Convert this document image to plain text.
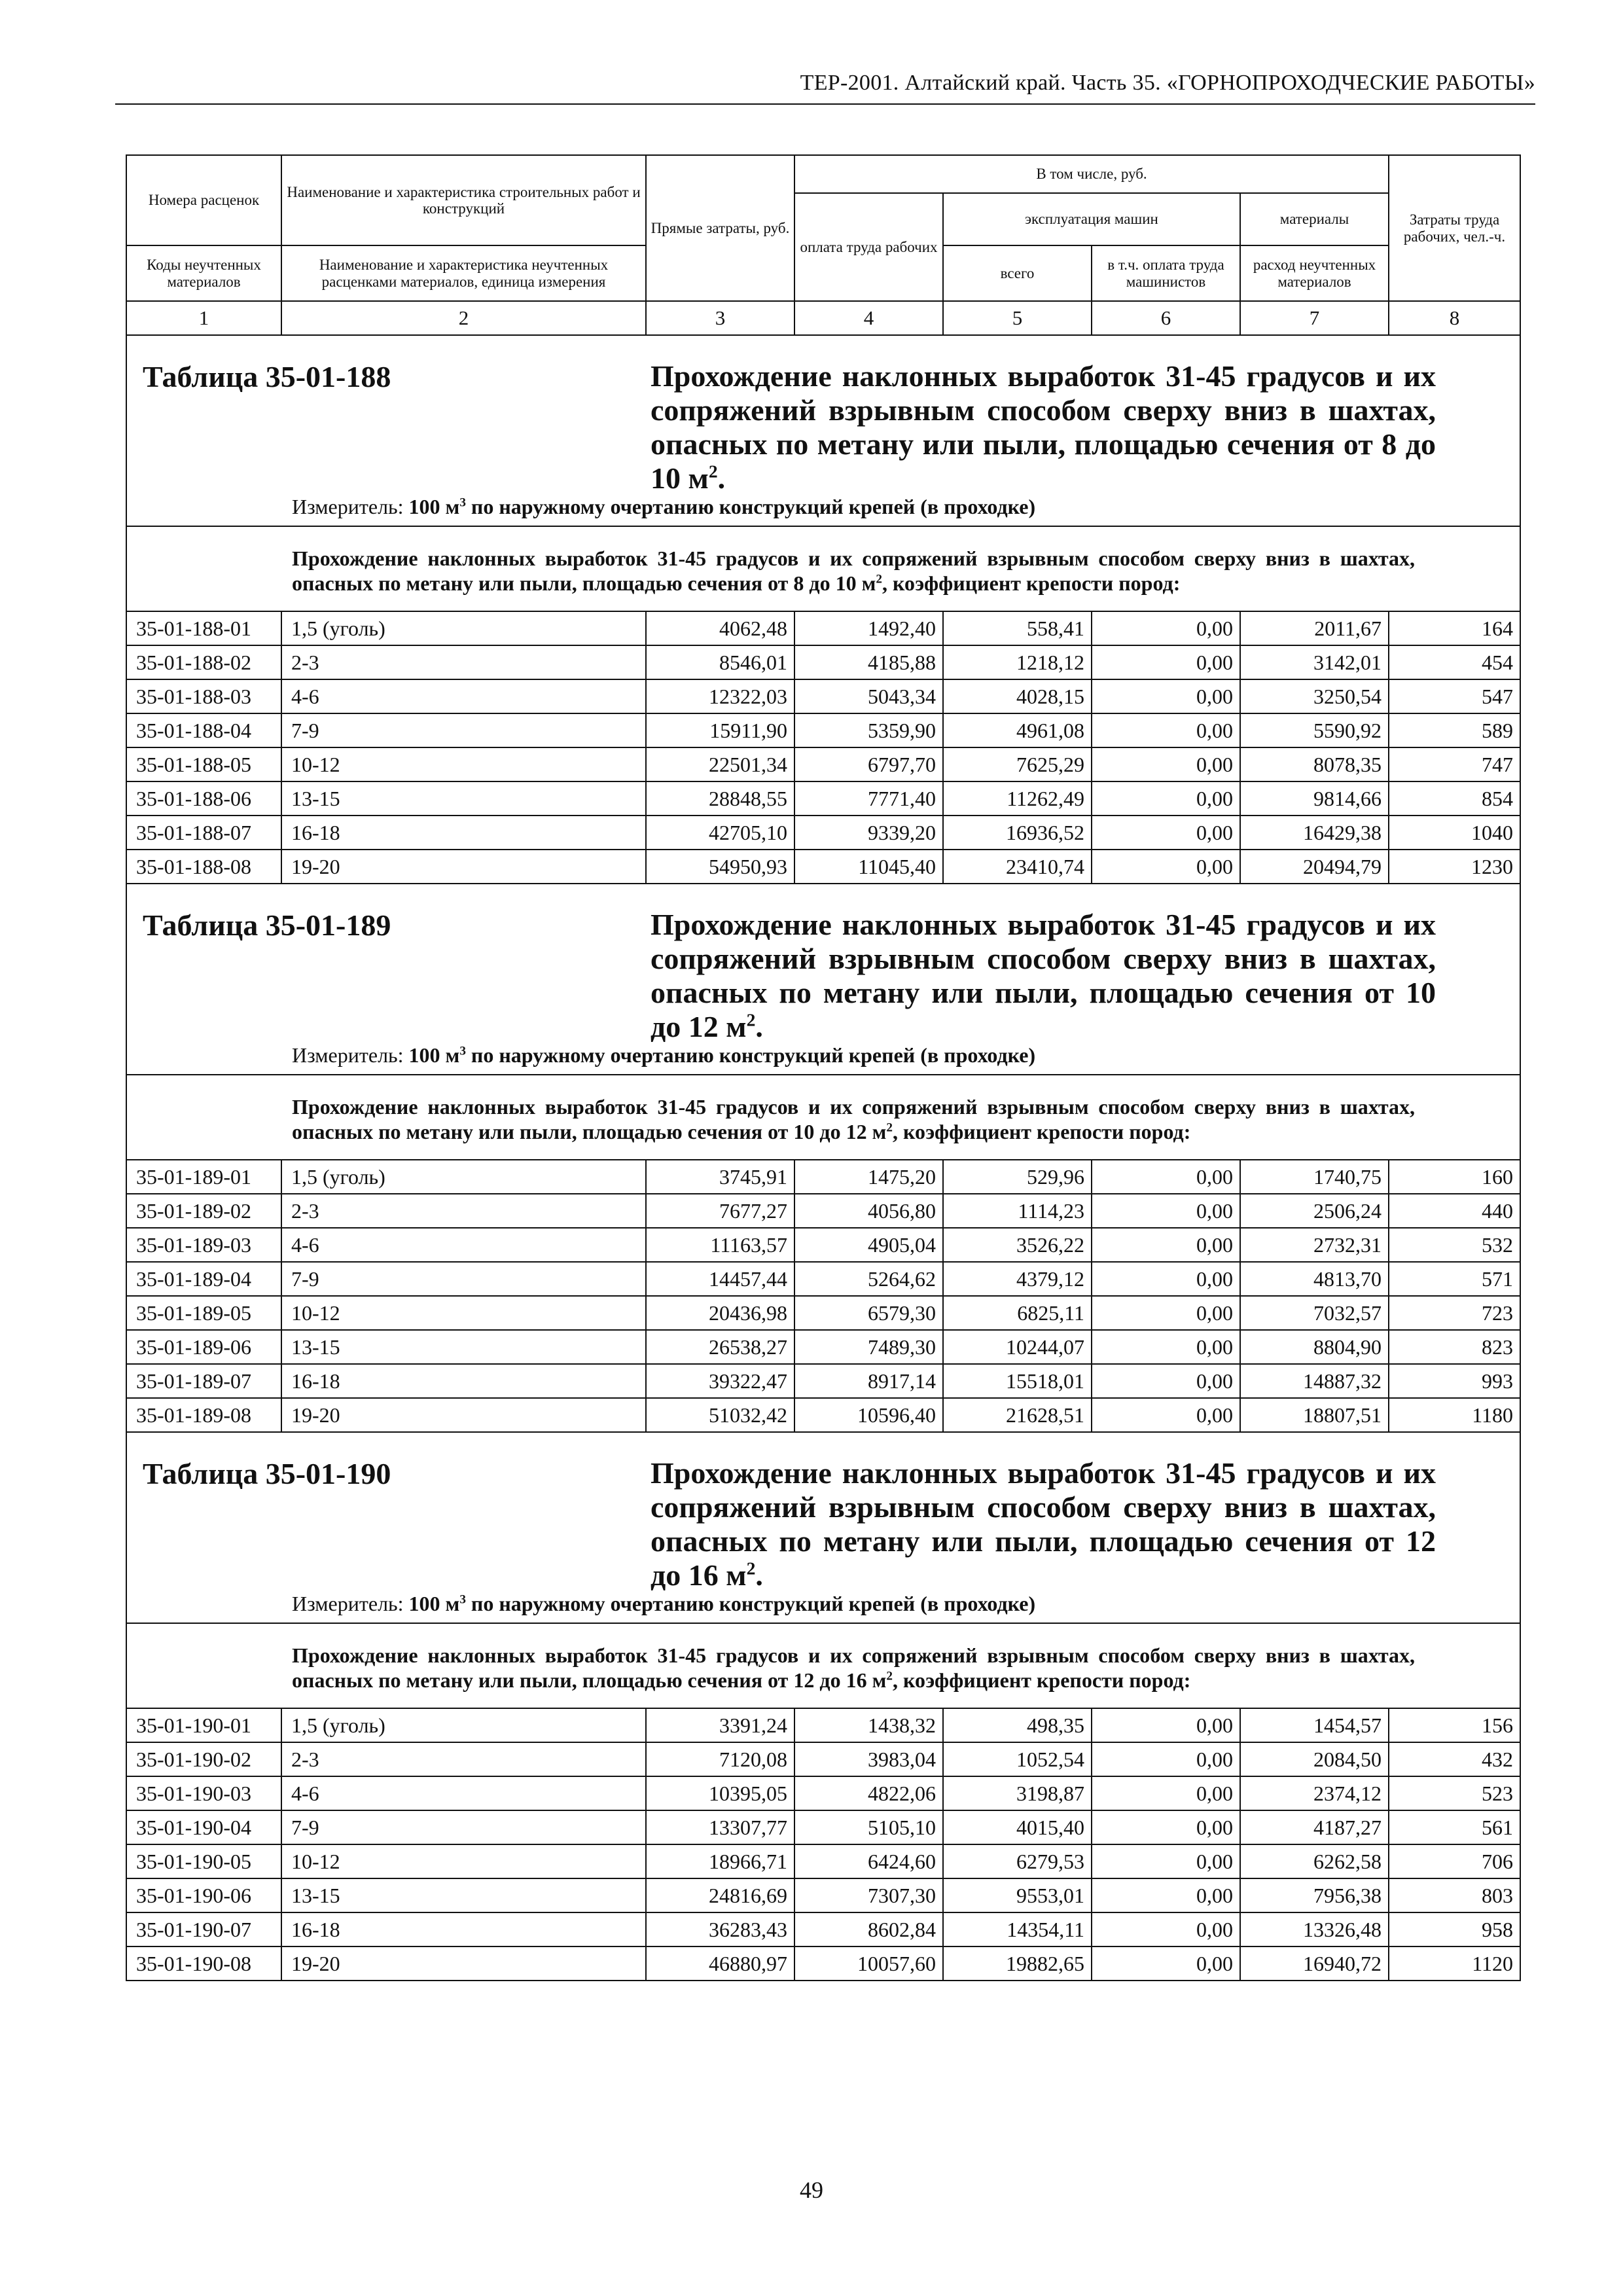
ТЕР-2001. Алтайский край. Часть 35. «ГОРНОПРОХОДЧЕСКИЕ РАБОТЫ»
Номера расценок	Наименование и характеристика строительных работ и конструкций	Прямые затраты, руб.	В том числе, руб.				Затраты труда рабочих, чел.-ч.
			оплата труда рабочих	эксплуатация машин		материалы	
Коды неучтенных материалов	Наименование и характеристика неучтенных расценками материалов, единица измерения			всего	в т.ч. оплата труда машинистов	расход неучтенных материалов	
1	2	3	4	5	6	7	8

Таблица 35-01-188 Прохождение наклонных выработок 31-45 градусов и их сопряжений взрывным способом сверху вниз в шахтах, опасных по метану или пыли, площадью сечения от 8 до 10 $м^2$.
Измеритель: 100 $м^3$ по наружному очертанию конструкций крепей (в проходке)							

Прохождение наклонных выработок 31-45 градусов и их сопряжений взрывным способом сверху вниз в шахтах, опасных по метану или пыли, площадью сечения от 8 до 10 $м^2$, коэффициент крепости пород:							

35-01-188-01	1,5 (уголь)	4062,48	1492,40	558,41	0,00	2011,67	164
35-01-188-02	2-3	8546,01	4185,88	1218,12	0,00	3142,01	454
35-01-188-03	4-6	12322,03	5043,34	4028,15	0,00	3250,54	547
35-01-188-04	7-9	15911,90	5359,90	4961,08	0,00	5590,92	589
35-01-188-05	10-12	22501,34	6797,70	7625,29	0,00	8078,35	747
35-01-188-06	13-15	28848,55	7771,40	11262,49	0,00	9814,66	854
35-01-188-07	16-18	42705,10	9339,20	16936,52	0,00	16429,38	1040
35-01-188-08	19-20	54950,93	11045,40	23410,74	0,00	20494,79	1230

Таблица 35-01-189 Прохождение наклонных выработок 31-45 градусов и их сопряжений взрывным способом сверху вниз в шахтах, опасных по метану или пыли, площадью сечения от 10 до 12 $м^2$.
Измеритель: 100 $м^3$ по наружному очертанию конструкций крепей (в проходке)							

Прохождение наклонных выработок 31-45 градусов и их сопряжений взрывным способом сверху вниз в шахтах, опасных по метану или пыли, площадью сечения от 10 до 12 $м^2$, коэффициент крепости пород:							

35-01-189-01	1,5 (уголь)	3745,91	1475,20	529,96	0,00	1740,75	160
35-01-189-02	2-3	7677,27	4056,80	1114,23	0,00	2506,24	440
35-01-189-03	4-6	11163,57	4905,04	3526,22	0,00	2732,31	532
35-01-189-04	7-9	14457,44	5264,62	4379,12	0,00	4813,70	571
35-01-189-05	10-12	20436,98	6579,30	6825,11	0,00	7032,57	723
35-01-189-06	13-15	26538,27	7489,30	10244,07	0,00	8804,90	823
35-01-189-07	16-18	39322,47	8917,14	15518,01	0,00	14887,32	993
35-01-189-08	19-20	51032,42	10596,40	21628,51	0,00	18807,51	1180

Таблица 35-01-190 Прохождение наклонных выработок 31-45 градусов и их сопряжений взрывным способом сверху вниз в шахтах, опасных по метану или пыли, площадью сечения от 12 до 16 $м^2$.
Измеритель: 100 $м^3$ по наружному очертанию конструкций крепей (в проходке)							

Прохождение наклонных выработок 31-45 градусов и их сопряжений взрывным способом сверху вниз в шахтах, опасных по метану или пыли, площадью сечения от 12 до 16 $м^2$, коэффициент крепости пород:							

35-01-190-01	1,5 (уголь)	3391,24	1438,32	498,35	0,00	1454,57	156
35-01-190-02	2-3	7120,08	3983,04	1052,54	0,00	2084,50	432
35-01-190-03	4-6	10395,05	4822,06	3198,87	0,00	2374,12	523
35-01-190-04	7-9	13307,77	5105,10	4015,40	0,00	4187,27	561
35-01-190-05	10-12	18966,71	6424,60	6279,53	0,00	6262,58	706
35-01-190-06	13-15	24816,69	7307,30	9553,01	0,00	7956,38	803
35-01-190-07	16-18	36283,43	8602,84	14354,11	0,00	13326,48	958
35-01-190-08	19-20	46880,97	10057,60	19882,65	0,00	16940,72	1120
49
